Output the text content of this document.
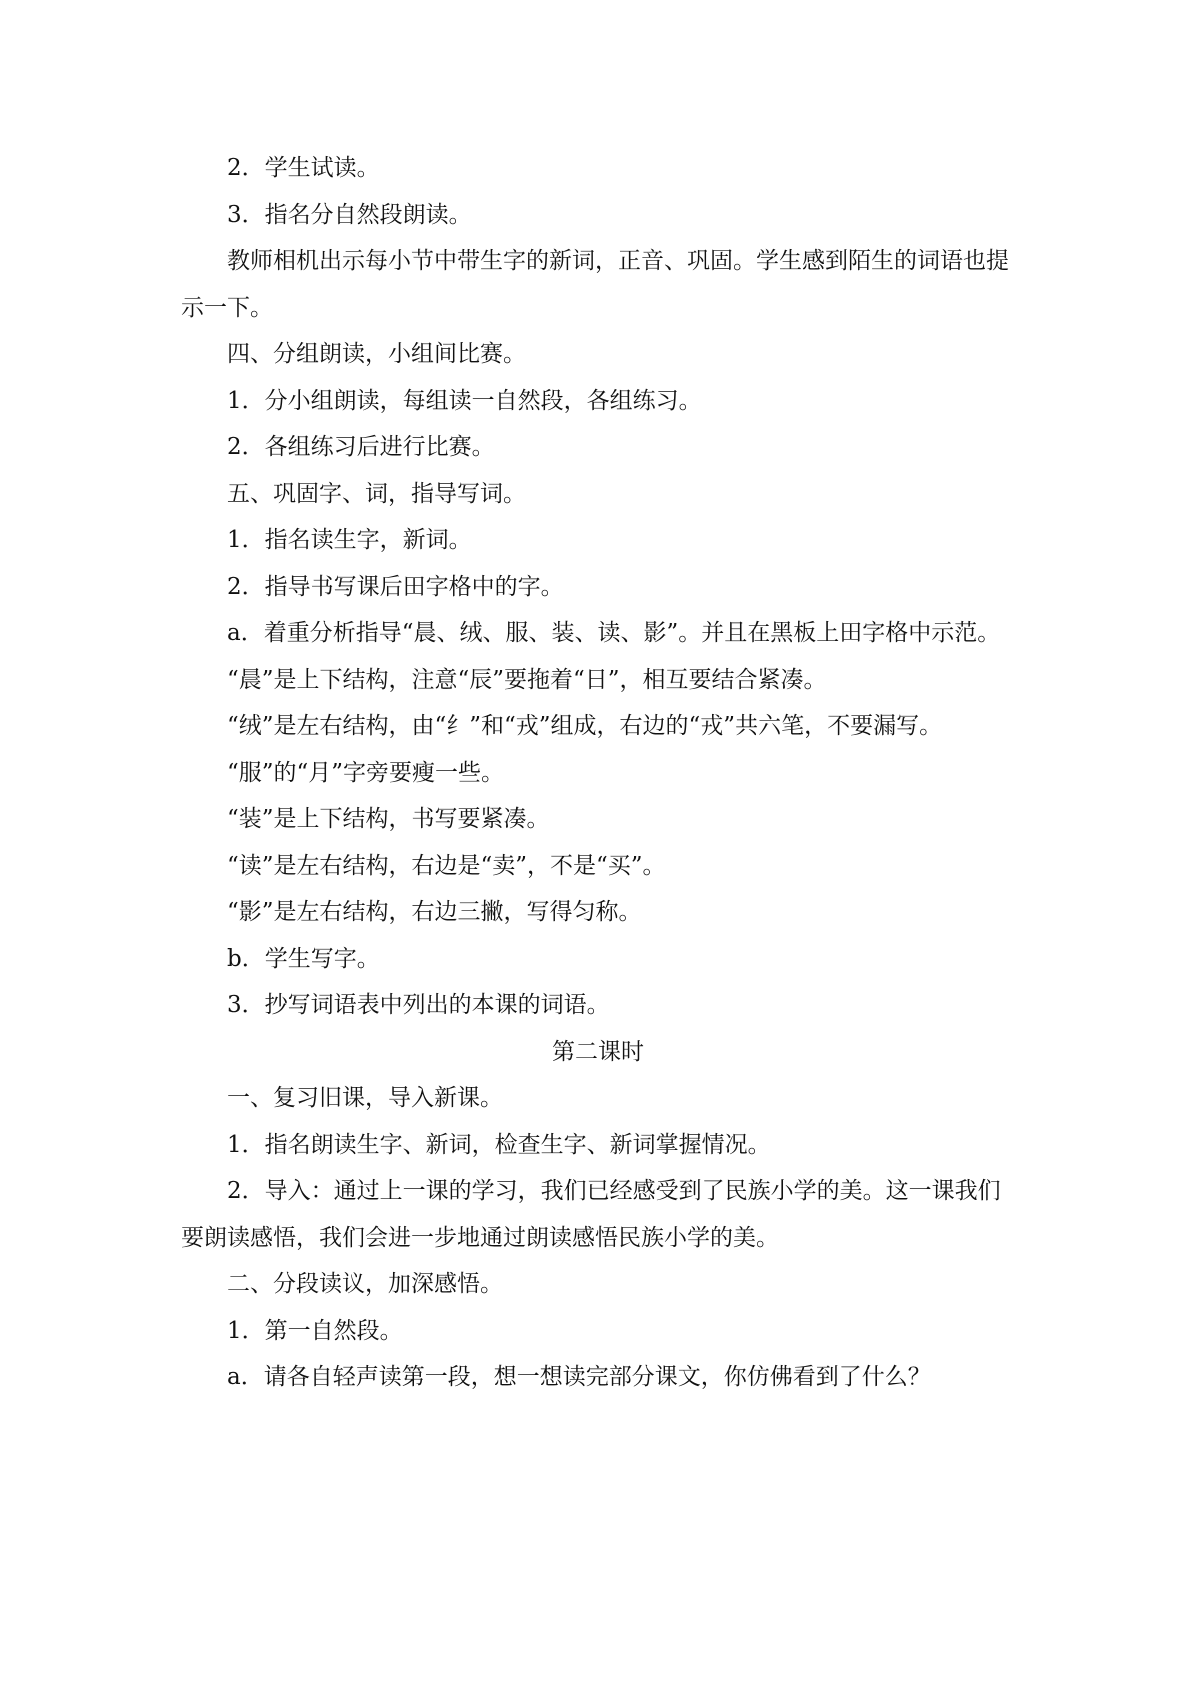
2．学生试读。

3．指名分自然段朗读。

教师相机出示每小节中带生字的新词，正音、巩固。学生感到陌生的词语也提示一下。

四、分组朗读，小组间比赛。

1．分小组朗读，每组读一自然段，各组练习。

2．各组练习后进行比赛。

五、巩固字、词，指导写词。

1．指名读生字，新词。

2．指导书写课后田字格中的字。

a．着重分析指导“晨、绒、服、装、读、影”。并且在黑板上田字格中示范。

“晨”是上下结构，注意“辰”要拖着“日”，相互要结合紧凑。

“绒”是左右结构，由“纟”和“戎”组成，右边的“戎”共六笔，不要漏写。

“服”的“月”字旁要瘦一些。

“装”是上下结构，书写要紧凑。

“读”是左右结构，右边是“卖”，不是“买”。

“影”是左右结构，右边三撇，写得匀称。

b．学生写字。

3．抄写词语表中列出的本课的词语。

第二课时

一、复习旧课，导入新课。

1．指名朗读生字、新词，检查生字、新词掌握情况。

2．导入：通过上一课的学习，我们已经感受到了民族小学的美。这一课我们要朗读感悟，我们会进一步地通过朗读感悟民族小学的美。

二、分段读议，加深感悟。

1．第一自然段。

a．请各自轻声读第一段，想一想读完部分课文，你仿佛看到了什么？
